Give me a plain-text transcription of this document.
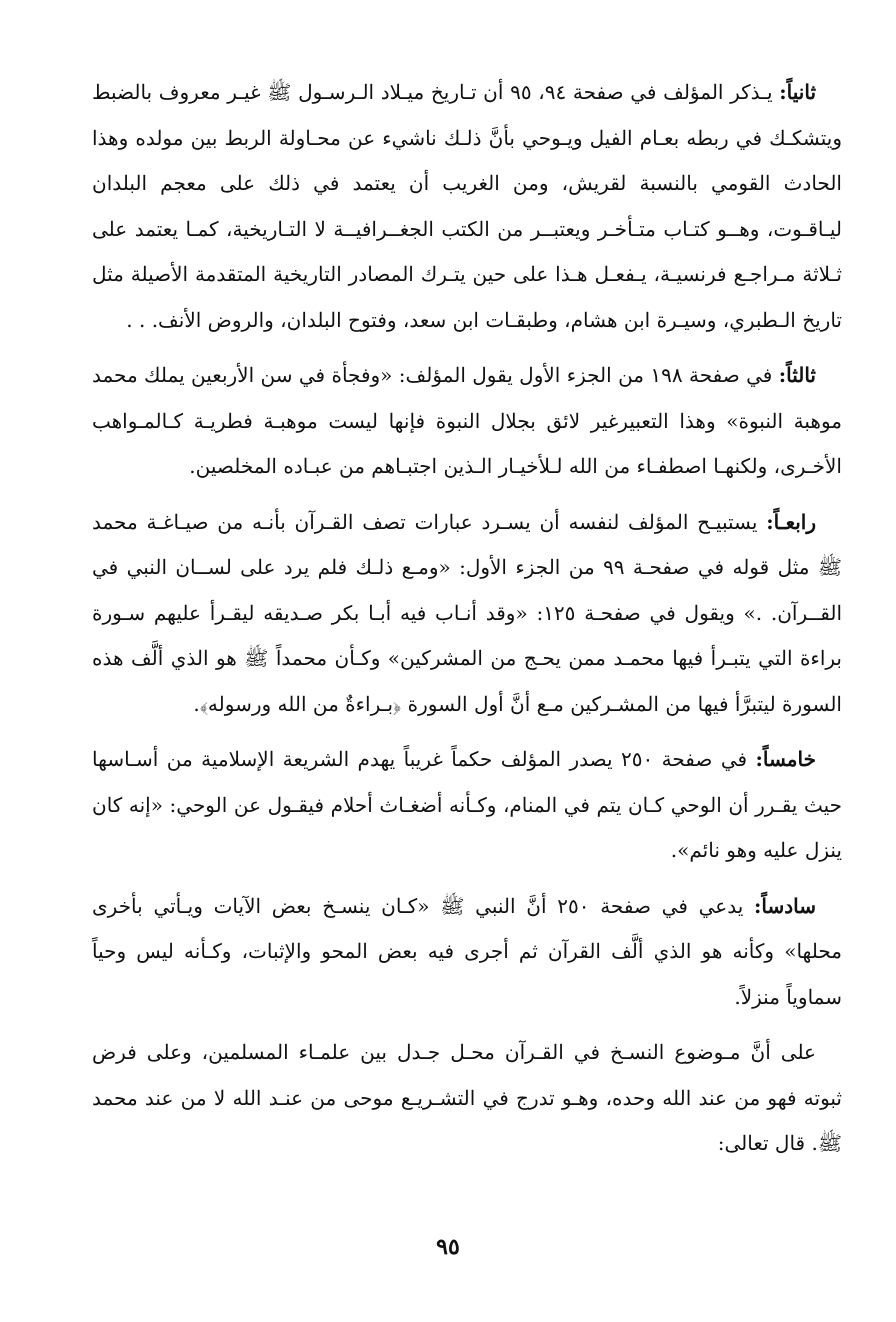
ثانياً: يـذكر المؤلف في صفحة ٩٤، ٩٥ أن تـاريخ ميـلاد الـرسـول ﷺ غيـر معروف بالضبط ويتشكـك في ربطه بعـام الفيل ويـوحي بأنَّ ذلـك ناشيء عن محـاولة الربط بين مولده وهذا الحادث القومي بالنسبة لقريش، ومن الغريب أن يعتمد في ذلك على معجم البلدان ليـاقـوت، وهــو كتـاب متـأخـر ويعتبــر من الكتب الجغــرافيــة لا التـاريخية، كمـا يعتمد على ثـلاثة مـراجـع فرنسيـة، يـفعـل هـذا على حين يتـرك المصادر التاريخية المتقدمة الأصيلة مثل تاريخ الـطبري، وسيـرة ابن هشام، وطبقـات ابن سعد، وفتوح البلدان، والروض الأنف. . .

ثالثاً: في صفحة ١٩٨ من الجزء الأول يقول المؤلف: «وفجأة في سن الأربعين يملك محمد موهبة النبوة» وهذا التعبيرغير لائق بجلال النبوة فإنها ليست موهبـة فطريـة كـالمـواهب الأخـرى، ولكنهـا اصطفـاء من الله لـلأخيـار الـذين اجتبـاهم من عبـاده المخلصين.

رابعـاً: يستبيـح المؤلف لنفسه أن يسـرد عبارات تصف القـرآن بأنـه من صيـاغـة محمد ﷺ مثل قوله في صفحـة ٩٩ من الجزء الأول: «ومـع ذلـك فلم يرد على لســان النبي في القــرآن. .» ويقول في صفحـة ١٢٥: «وقد أنـاب فيه أبـا بكر صـديقه ليقـرأ عليهم سـورة براءة التي يتبـرأ فيها محمـد ممن يحـج من المشركين» وكـأن محمداً ﷺ هو الذي ألَّف هذه السورة ليتبرَّأ فيها من المشـركين مـع أنَّ أول السورة ﴿بـراءةٌ من الله ورسوله﴾.

خامساً: في صفحة ٢٥٠ يصدر المؤلف حكماً غريباً يهدم الشريعة الإسلامية من أسـاسها حيث يقـرر أن الوحي كـان يتم في المنام، وكـأنه أضغـاث أحلام فيقـول عن الوحي: «إنه كان ينزل عليه وهو نائم».

سادساً: يدعي في صفحة ٢٥٠ أنَّ النبي ﷺ «كـان ينسـخ بعض الآيات ويـأتي بأخرى محلها» وكأنه هو الذي ألَّف القرآن ثم أجرى فيه بعض المحو والإثبات، وكـأنه ليس وحياً سماوياً منزلاً.

على أنَّ مـوضوع النسـخ في القـرآن محـل جـدل بين علمـاء المسلمين، وعلى فرض ثبوته فهو من عند الله وحده، وهـو تدرج في التشـريـع موحى من عنـد الله لا من عند محمد ﷺ. قال تعالى:

٩٥
